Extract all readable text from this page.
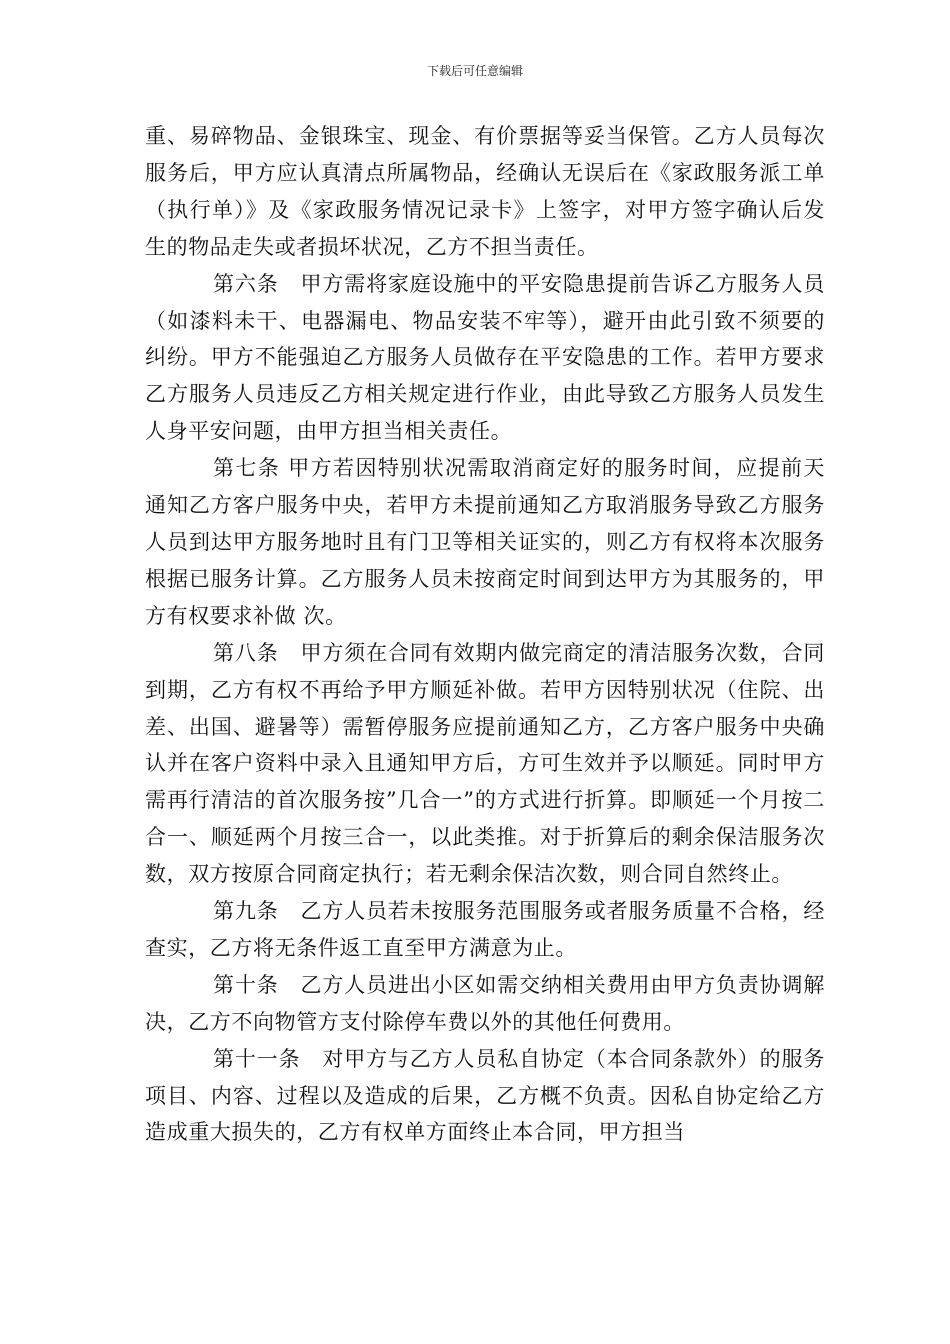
下载后可任意编辑

重、易碎物品、金银珠宝、现金、有价票据等妥当保管。乙方人员每次服务后，甲方应认真清点所属物品，经确认无误后在《家政服务派工单（执行单）》及《家政服务情况记录卡》上签字，对甲方签字确认后发生的物品走失或者损坏状况，乙方不担当责任。

第六条　甲方需将家庭设施中的平安隐患提前告诉乙方服务人员（如漆料未干、电器漏电、物品安装不牢等），避开由此引致不须要的纠纷。甲方不能强迫乙方服务人员做存在平安隐患的工作。若甲方要求乙方服务人员违反乙方相关规定进行作业，由此导致乙方服务人员发生人身平安问题，由甲方担当相关责任。

第七条 甲方若因特别状况需取消商定好的服务时间，应提前天通知乙方客户服务中央，若甲方未提前通知乙方取消服务导致乙方服务人员到达甲方服务地时且有门卫等相关证实的，则乙方有权将本次服务根据已服务计算。乙方服务人员未按商定时间到达甲方为其服务的，甲方有权要求补做 次。

第八条　甲方须在合同有效期内做完商定的清洁服务次数，合同到期，乙方有权不再给予甲方顺延补做。若甲方因特别状况（住院、出差、出国、避暑等）需暂停服务应提前通知乙方，乙方客户服务中央确认并在客户资料中录入且通知甲方后，方可生效并予以顺延。同时甲方需再行清洁的首次服务按”几合一”的方式进行折算。即顺延一个月按二合一、顺延两个月按三合一，以此类推。对于折算后的剩余保洁服务次数，双方按原合同商定执行；若无剩余保洁次数，则合同自然终止。

第九条　乙方人员若未按服务范围服务或者服务质量不合格，经查实，乙方将无条件返工直至甲方满意为止。

第十条　乙方人员进出小区如需交纳相关费用由甲方负责协调解决，乙方不向物管方支付除停车费以外的其他任何费用。

第十一条　对甲方与乙方人员私自协定（本合同条款外）的服务项目、内容、过程以及造成的后果，乙方概不负责。因私自协定给乙方造成重大损失的，乙方有权单方面终止本合同，甲方担当
